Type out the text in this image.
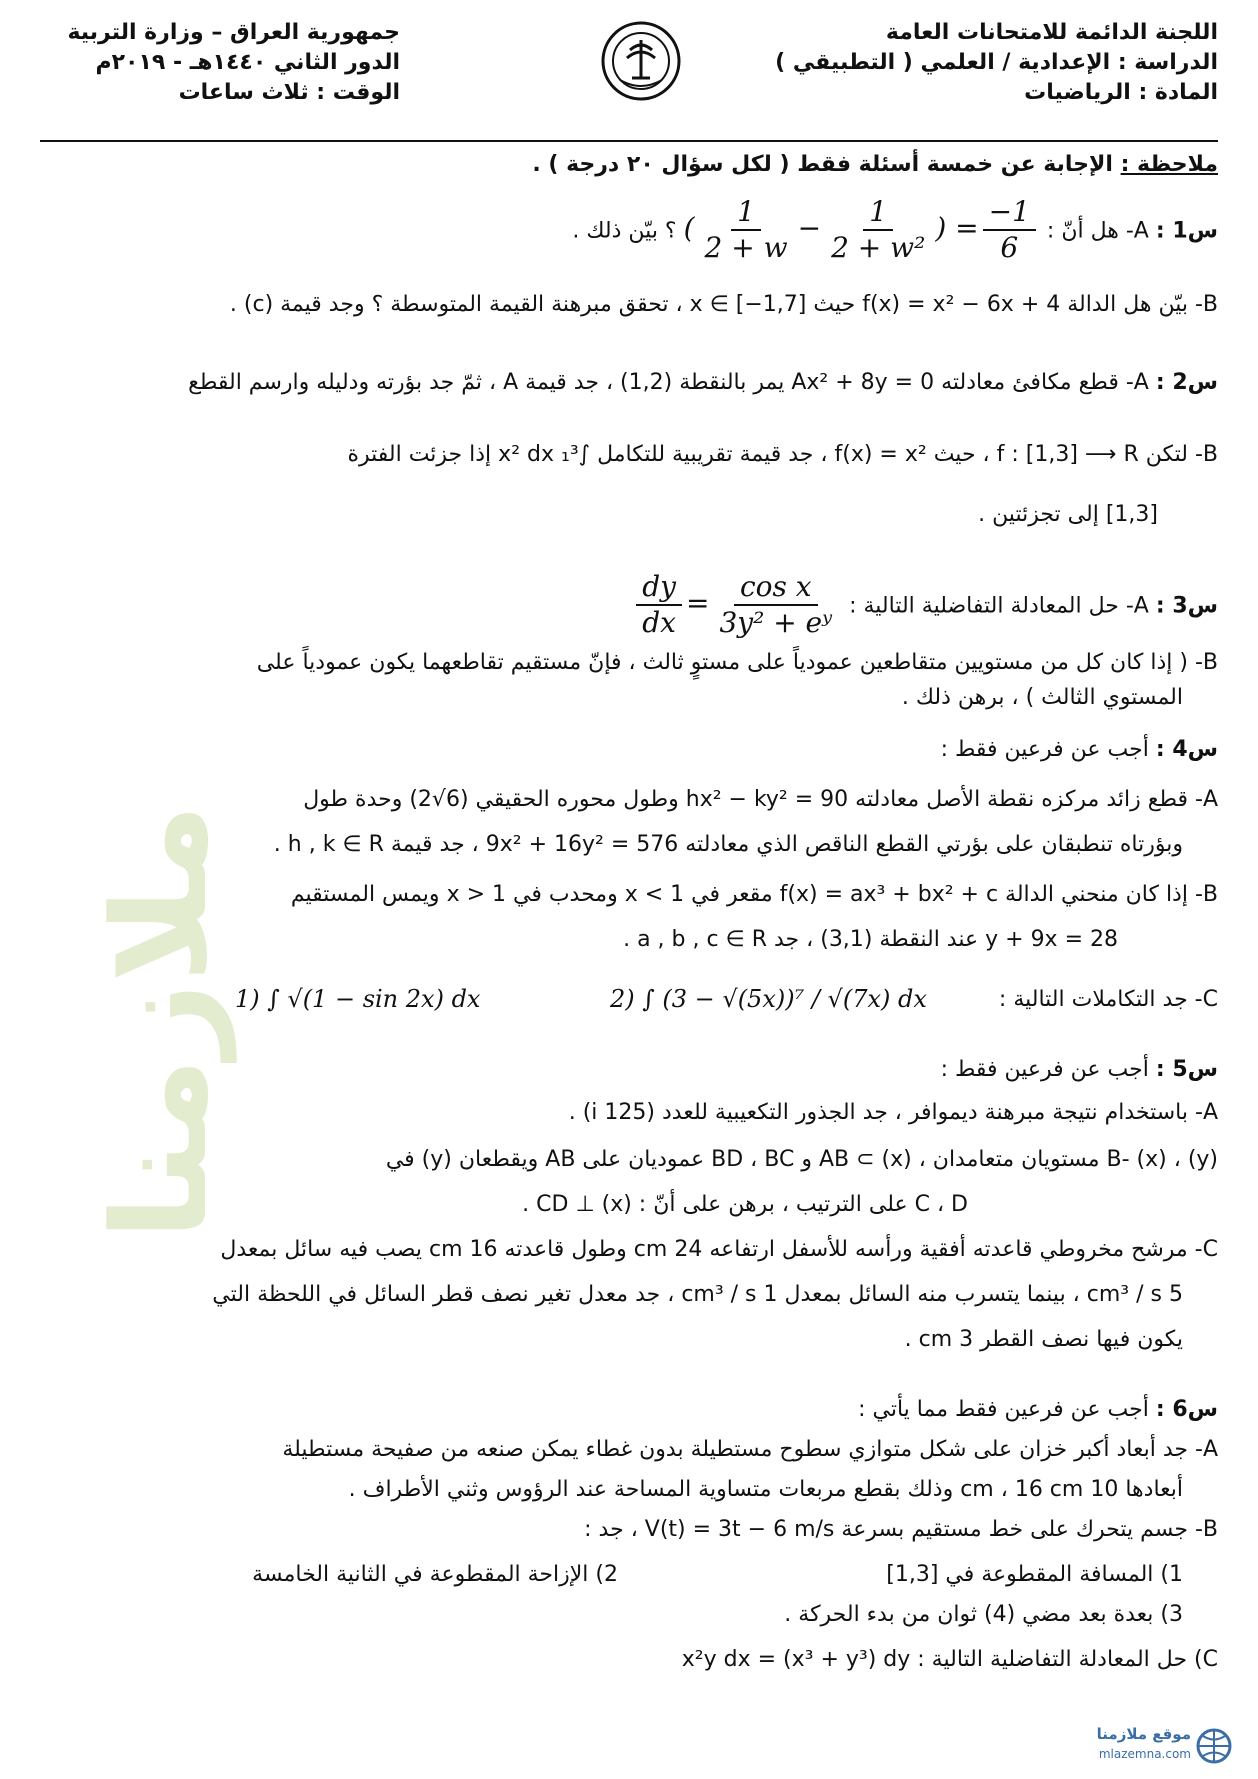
اللجنة الدائمة للامتحانات العامة
الدراسة : الإعدادية / العلمي ( التطبيقي )
المادة : الرياضيات
جمهورية العراق – وزارة التربية
الدور الثاني ١٤٤٠هـ - ٢٠١٩م
الوقت : ثلاث ساعات
ملاحظة : الإجابة عن خمسة أسئلة فقط ( لكل سؤال ٢٠ درجة ) .
س1 : A- هل أنّ : ( $\frac{1}{2 + w} - \frac{1}{\text{2 + w²}}$ ) = $\frac{-1}{6}$
؟ بيّن ذلك .
B- بيّن هل الدالة f(x) = x² − 6x + 4 حيث x ∈ [−1,7] ، تحقق مبرهنة القيمة المتوسطة ؟ وجد قيمة (c) .
س2 : A- قطع مكافئ معادلته Ax² + 8y = 0 يمر بالنقطة (1,2) ، جد قيمة A ، ثمّ جد بؤرته ودليله وارسم القطع
B- لتكن f : [1,3] ⟶ R ، حيث f(x) = x² ، جد قيمة تقريبية للتكامل ∫₁³ x² dx إذا جزئت الفترة
[1,3] إلى تجزئتين .
س3 : A- حل المعادلة التفاضلية التالية :
$\frac{dy}{dx} = \frac{\text{cos x}}{\text{3y² + eʸ}}$
B- ( إذا كان كل من مستويين متقاطعين عمودياً على مستوٍ ثالث ، فإنّ مستقيم تقاطعهما يكون عمودياً على
المستوي الثالث ) ، برهن ذلك .
س4 : أجب عن فرعين فقط :
A- قطع زائد مركزه نقطة الأصل معادلته hx² − ky² = 90 وطول محوره الحقيقي (6√2) وحدة طول
وبؤرتاه تنطبقان على بؤرتي القطع الناقص الذي معادلته 9x² + 16y² = 576 ، جد قيمة h , k ∈ R .
B- إذا كان منحني الدالة f(x) = ax³ + bx² + c مقعر في x < 1 ومحدب في x > 1 ويمس المستقيم
y + 9x = 28 عند النقطة (3,1) ، جد a , b , c ∈ R .
C- جد التكاملات التالية :
2) ∫ (3 − √(5x))⁷ / √(7x) dx
1) ∫ √(1 − sin 2x) dx
س5 : أجب عن فرعين فقط :
A- باستخدام نتيجة مبرهنة ديموافر ، جد الجذور التكعيبية للعدد (125 i) .
B- (x) ، (y) مستويان متعامدان ، AB ⊂ (x) و BD ، BC عموديان على AB ويقطعان (y) في
C ، D على الترتيب ، برهن على أنّ : CD ⊥ (x) .
C- مرشح مخروطي قاعدته أفقية ورأسه للأسفل ارتفاعه 24 cm وطول قاعدته 16 cm يصب فيه سائل بمعدل
5 cm³ / s ، بينما يتسرب منه السائل بمعدل 1 cm³ / s ، جد معدل تغير نصف قطر السائل في اللحظة التي
يكون فيها نصف القطر 3 cm .
ملازمنا
س6 : أجب عن فرعين فقط مما يأتي :
A- جد أبعاد أكبر خزان على شكل متوازي سطوح مستطيلة بدون غطاء يمكن صنعه من صفيحة مستطيلة
أبعادها 10 cm ، 16 cm وذلك بقطع مربعات متساوية المساحة عند الرؤوس وثني الأطراف .
B- جسم يتحرك على خط مستقيم بسرعة V(t) = 3t − 6 m/s ، جد :
1) المسافة المقطوعة في [1,3]
2) الإزاحة المقطوعة في الثانية الخامسة
3) بعدة بعد مضي (4) ثوان من بدء الحركة .
C) حل المعادلة التفاضلية التالية : x²y dx = (x³ + y³) dy
موقع ملازمنا
mlazemna.com
